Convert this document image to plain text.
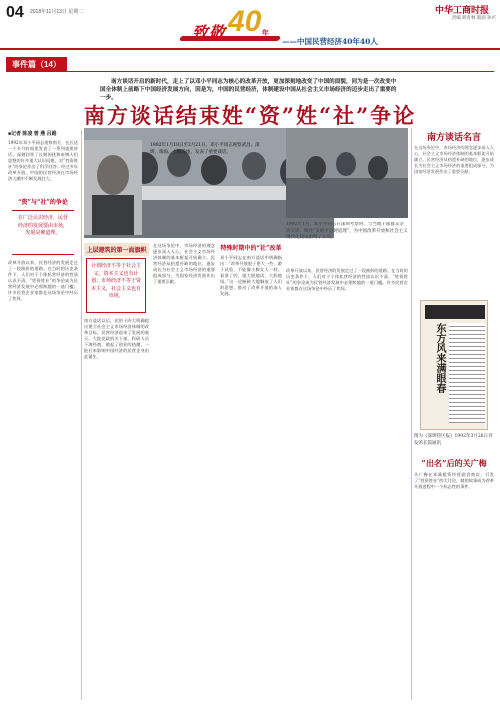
04 2018年11月13日 星期二	中华工商时报
责编 胡青林 版面 孙可
致敬 40 年
——中国民营经济40年40人
事件篇（14）
南方谈话开启的新时代，走上了以邓小平同志为核心的改革开放，更加深刻地改变了中国的面貌，同为是一次改变中国全体制上前路下中国经济发展方向，因是为，中国的民营经济，体制建设中国从社会主义市场经济的迈步走出了重要的一步。
南方谈话结束姓“资”姓“社”争论
■记者 陈凌 曾 燕 吕路
1992年邓小平同志视察南方，在长达一个多月时间里发表了一系列重要讲话，深刻回答了长期困扰和束缚人们思想的许多重大认识问题，对“姓资姓社”的争论作出了科学回答。经过多年改革开放，中国的民营经济在市场经济大潮中不断发展壮大。
“资”与“社”的争论
在广泛认识经济，民营经济的发展要由市场，发展是硬道理。
改革开放以来，民营经济的发展走过了一段曲折的道路。在当时的历史条件下，人们对于个体私营经济的性质认识不清，“姓资姓社”的争论成为民营经济发展中必须跨越的一道门槛。许多民营企业家都在这场争论中经历了坎坷。
1992年1月18日至2月21日，邓小平同志视察武昌、深圳、珠海、上海等地，发表了重要谈话。
上层建筑的第一面旗帜
计划经济不等于社会主义，资本主义也有计划；市场经济不等于资本主义，社会主义也有市场。
南方谈话以后，党的十四大明确提出建立社会主义市场经济体制的改革目标，民营经济迎来了发展的春天。大批党政机关干部、科研人员下海经商，掀起了创业的热潮，一批后来影响中国经济的民营企业由此诞生。
在这场争论中，市场经济的理念逐步深入人心，社会主义市场经济体制的基本框架开始确立。民营经济从拾遗补缺的地位，逐步成长为社会主义市场经济的重要组成部分，为国家经济发展作出了重要贡献。
特殊时期中的“社”改革
邓小平同志在南方谈话中明确指出：“改革开放胆子要大一些，敢于试验，不能像小脚女人一样。看准了的，就大胆地试，大胆地闯。”这一论断极大地解放了人们的思想，推动了改革开放的深入发展。
1992年1月，邓小平同志在深圳考察时，与当地干部群众亲切交谈，阐述“发展才是硬道理”，为中国改革开放和社会主义现代化建设指明了方向。
改革开放以来，民营经济的发展走过了一段曲折的道路。在当时的历史条件下，人们对于个体私营经济的性质认识不清，“姓资姓社”的争论成为民营经济发展中必须跨越的一道门槛。许多民营企业家都在这场争论中经历了坎坷。
南方谈话名言
在这场争论中，市场经济的理念逐步深入人心，社会主义市场经济体制的基本框架开始确立。民营经济从拾遗补缺的地位，逐步成长为社会主义市场经济的重要组成部分，为国家经济发展作出了重要贡献。
东方风来满眼春
图为《深圳特区报》1992年3月26日刊发的长篇通讯
“出名”后的关广梅
关广梅在本溪租赁经营副食商店，引发了“姓资姓社”的大讨论，她的故事成为改革开放进程中一个标志性的事件。
